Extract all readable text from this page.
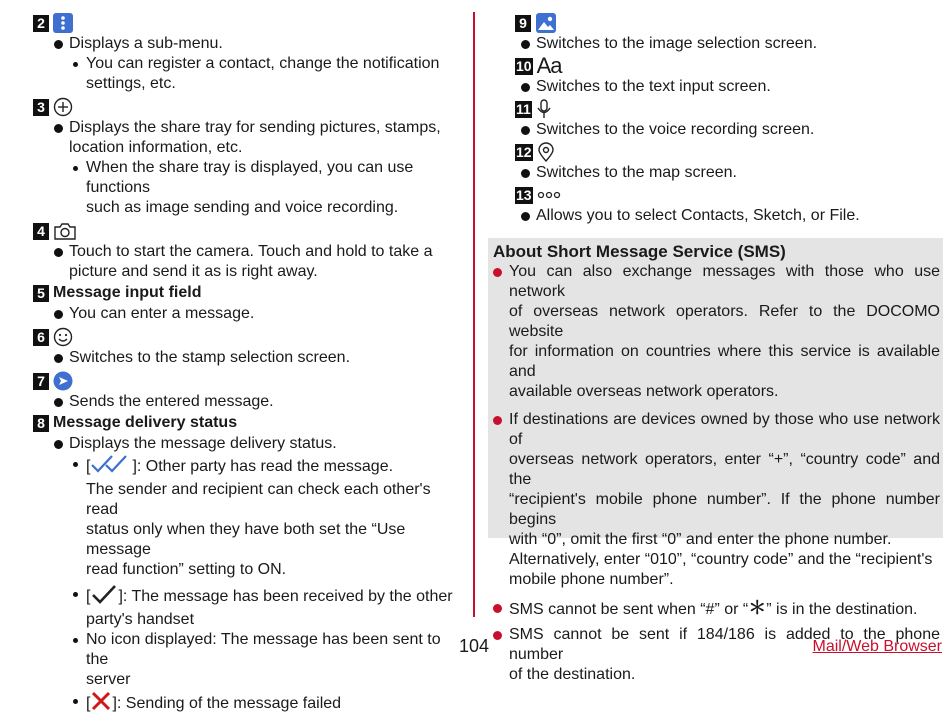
2

Displays a sub-menu.

You can register a contact, change the notification

settings, etc.

3

Displays the share tray for sending pictures, stamps,

location information, etc.

When the share tray is displayed, you can use functions

such as image sending and voice recording.

4

Touch to start the camera. Touch and hold to take a

picture and send it as is right away.

5 Message input field

You can enter a message.

6

Switches to the stamp selection screen.

7

Sends the entered message.

8 Message delivery status

Displays the message delivery status.

[	]: Other party has read the message.

The sender and recipient can check each other's read

status only when they have both set the “Use message

read function” setting to ON.

[ ]: The message has been received by the other

party's handset

No icon displayed: The message has been sent to the

server

[ ]: Sending of the message failed

9

Switches to the image selection screen.

10 Aa

Switches to the text input screen.

11

Switches to the voice recording screen.

12

Switches to the map screen.

13

Allows you to select Contacts, Sketch, or File.

About Short Message Service (SMS)
You can also exchange messages with those who use network
of overseas network operators. Refer to the DOCOMO website
for information on countries where this service is available and
available overseas network operators.
If destinations are devices owned by those who use network of
overseas network operators, enter “+”, “country code” and the
“recipient's mobile phone number”. If the phone number begins
with “0”, omit the first “0” and enter the phone number.
Alternatively, enter “010”, “country code” and the “recipient's
mobile phone number”.
SMS cannot be sent when “#” or “＊” is in the destination.
SMS cannot be sent if 184/186 is added to the phone number
of the destination.
104	Mail/Web Browser
